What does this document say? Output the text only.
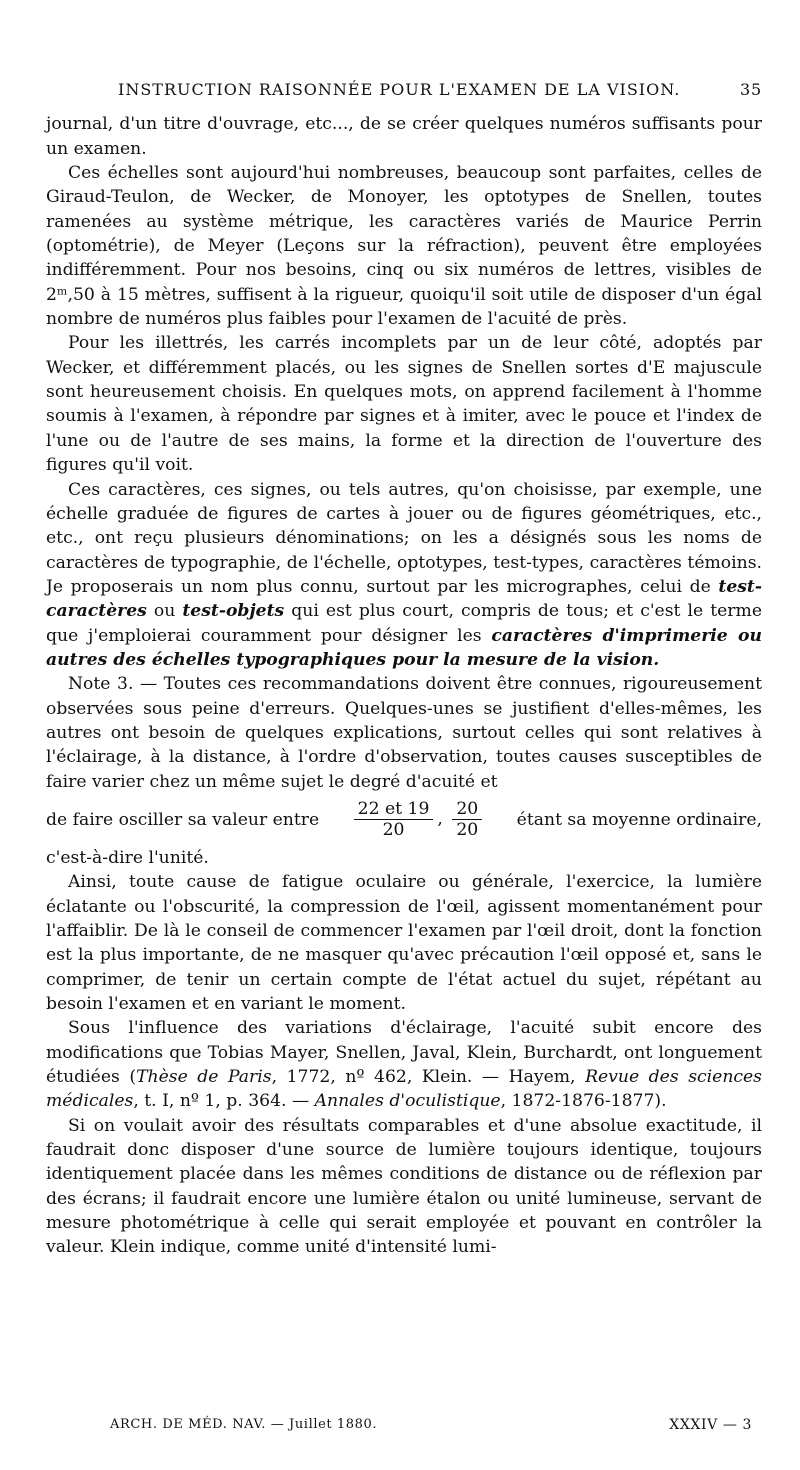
INSTRUCTION RAISONNÉE POUR L'EXAMEN DE LA VISION.	35

journal, d'un titre d'ouvrage, etc..., de se créer quelques numéros suffisants pour un examen.

Ces échelles sont aujourd'hui nombreuses, beaucoup sont parfaites, celles de Giraud-Teulon, de Wecker, de Monoyer, les optotypes de Snellen, toutes ramenées au système métrique, les caractères variés de Maurice Perrin (optométrie), de Meyer (Leçons sur la réfraction), peuvent être employées indifféremment. Pour nos besoins, cinq ou six numéros de lettres, visibles de 2ᵐ,50 à 15 mètres, suffisent à la rigueur, quoiqu'il soit utile de disposer d'un égal nombre de numéros plus faibles pour l'examen de l'acuité de près.

Pour les illettrés, les carrés incomplets par un de leur côté, adoptés par Wecker, et différemment placés, ou les signes de Snellen sortes d'E majuscule sont heureusement choisis. En quelques mots, on apprend facilement à l'homme soumis à l'examen, à répondre par signes et à imiter, avec le pouce et l'index de l'une ou de l'autre de ses mains, la forme et la direction de l'ouverture des figures qu'il voit.

Ces caractères, ces signes, ou tels autres, qu'on choisisse, par exemple, une échelle graduée de figures de cartes à jouer ou de figures géométriques, etc., etc., ont reçu plusieurs dénominations; on les a désignés sous les noms de caractères de typographie, de l'échelle, optotypes, test-types, caractères témoins. Je proposerais un nom plus connu, surtout par les micrographes, celui de test-caractères ou test-objets qui est plus court, compris de tous; et c'est le terme que j'emploierai couramment pour désigner les caractères d'imprimerie ou autres des échelles typographiques pour la mesure de la vision.

Note 3. — Toutes ces recommandations doivent être connues, rigoureusement observées sous peine d'erreurs. Quelques-unes se justifient d'elles-mêmes, les autres ont besoin de quelques explications, surtout celles qui sont relatives à l'éclairage, à la distance, à l'ordre d'observation, toutes causes susceptibles de faire varier chez un même sujet le degré d'acuité et

de faire osciller sa valeur entre $\frac{22 et 19}{20}$ , $\frac{20}{20}$ étant sa moyenne ordinaire,

c'est-à-dire l'unité.

Ainsi, toute cause de fatigue oculaire ou générale, l'exercice, la lumière éclatante ou l'obscurité, la compression de l'œil, agissent momentanément pour l'affaiblir. De là le conseil de commencer l'examen par l'œil droit, dont la fonction est la plus importante, de ne masquer qu'avec précaution l'œil opposé et, sans le comprimer, de tenir un certain compte de l'état actuel du sujet, répétant au besoin l'examen et en variant le moment.

Sous l'influence des variations d'éclairage, l'acuité subit encore des modifications que Tobias Mayer, Snellen, Javal, Klein, Burchardt, ont longuement étudiées (Thèse de Paris, 1772, nº 462, Klein. — Hayem, Revue des sciences médicales, t. I, nº 1, p. 364. — Annales d'oculistique, 1872-1876-1877).

Si on voulait avoir des résultats comparables et d'une absolue exactitude, il faudrait donc disposer d'une source de lumière toujours identique, toujours identiquement placée dans les mêmes conditions de distance ou de réflexion par des écrans; il faudrait encore une lumière étalon ou unité lumineuse, servant de mesure photométrique à celle qui serait employée et pouvant en contrôler la valeur. Klein indique, comme unité d'intensité lumi-

ARCH. DE MÉD. NAV. — Juillet 1880.	XXXIV — 3
